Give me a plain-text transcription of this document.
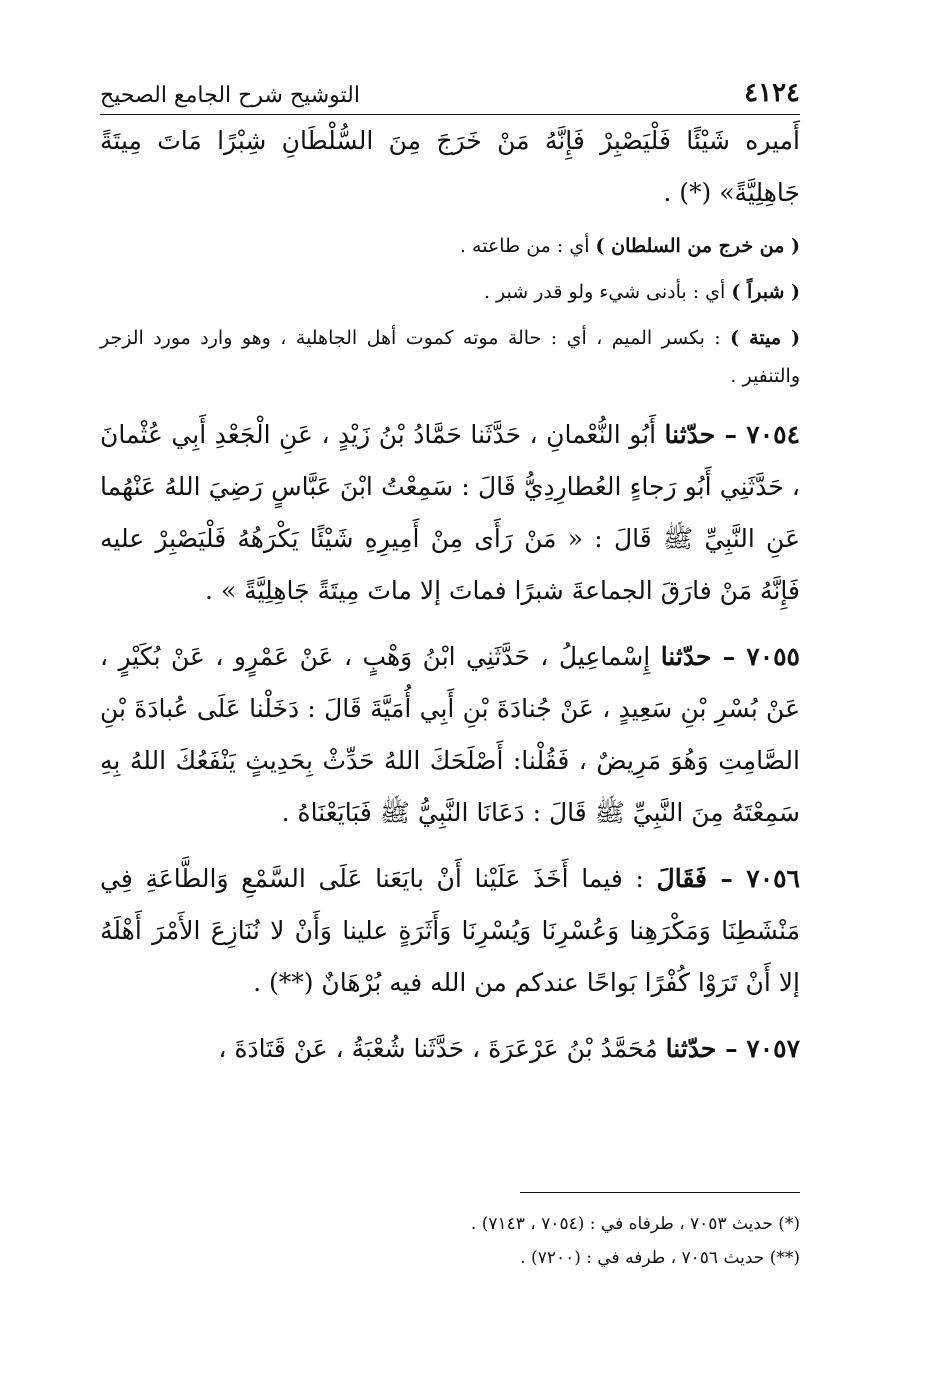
٤١٢٤
التوشيح شرح الجامع الصحيح

أَميره شَيْئًا فَلْيَصْبِرْ فَإِنَّهُ مَنْ خَرَجَ مِنَ السُّلْطَانِ شِبْرًا مَاتَ مِيتَةً جَاهِلِيَّةً» (*) .

( من خرج من السلطان ) أي : من طاعته .

( شبراً ) أي : بأدنى شيء ولو قدر شبر .

( ميتة ) : بكسر الميم ، أي : حالة موته كموت أهل الجاهلية ، وهو وارد مورد الزجر والتنفير .

٧٠٥٤ – حدّثنا أَبُو النُّعْمانِ ، حَدَّثَنا حَمَّادُ بْنُ زَيْدٍ ، عَنِ الْجَعْدِ أَبِي عُثْمانَ ، حَدَّثَنِي أَبُو رَجاءٍ العُطارِدِيُّ قَالَ : سَمِعْتُ ابْنَ عَبَّاسٍ رَضِيَ اللهُ عَنْهُما عَنِ النَّبِيِّ ﷺ قَالَ : « مَنْ رَأَى مِنْ أَمِيرِهِ شَيْئًا يَكْرَهُهُ فَلْيَصْبِرْ عليه فَإِنَّهُ مَنْ فارَقَ الجماعةَ شبرًا فماتَ إلا ماتَ مِيتَةً جَاهِلِيَّةً » .

٧٠٥٥ – حدّثنا إِسْماعِيلُ ، حَدَّثَنِي ابْنُ وَهْبٍ ، عَنْ عَمْرٍو ، عَنْ بُكَيْرٍ ، عَنْ بُسْرِ بْنِ سَعِيدٍ ، عَنْ جُنادَةَ بْنِ أَبِي أُمَيَّةَ قَالَ : دَخَلْنا عَلَى عُبادَةَ بْنِ الصَّامِتِ وَهُوَ مَرِيضٌ ، فَقُلْنا: أَصْلَحَكَ اللهُ حَدِّثْ بِحَدِيثٍ يَنْفَعُكَ اللهُ بِهِ سَمِعْتَهُ مِنَ النَّبِيِّ ﷺ قَالَ : دَعَانَا النَّبِيُّ ﷺ فَبَايَعْنَاهُ .

٧٠٥٦ – فَقَالَ : فيما أَخَذَ عَلَيْنا أَنْ بايَعَنا عَلَى السَّمْعِ وَالطَّاعَةِ فِي مَنْشَطِنَا وَمَكْرَهِنا وَعُسْرِنَا وَيُسْرِنَا وَأَثَرَةٍ علينا وَأَنْ لا نُنَازِعَ الأَمْرَ أَهْلَهُ إلا أَنْ تَرَوْا كُفْرًا بَواحًا عندكم من الله فيه بُرْهَانٌ (**) .

٧٠٥٧ – حدّثنا مُحَمَّدُ بْنُ عَرْعَرَةَ ، حَدَّثَنا شُعْبَةُ ، عَنْ قَتَادَةَ ،

(*) حديث ٧٠٥٣ ، طرفاه في : (٧٠٥٤ ، ٧١٤٣) .

(**) حديث ٧٠٥٦ ، طرفه في : (٧٢٠٠) .
